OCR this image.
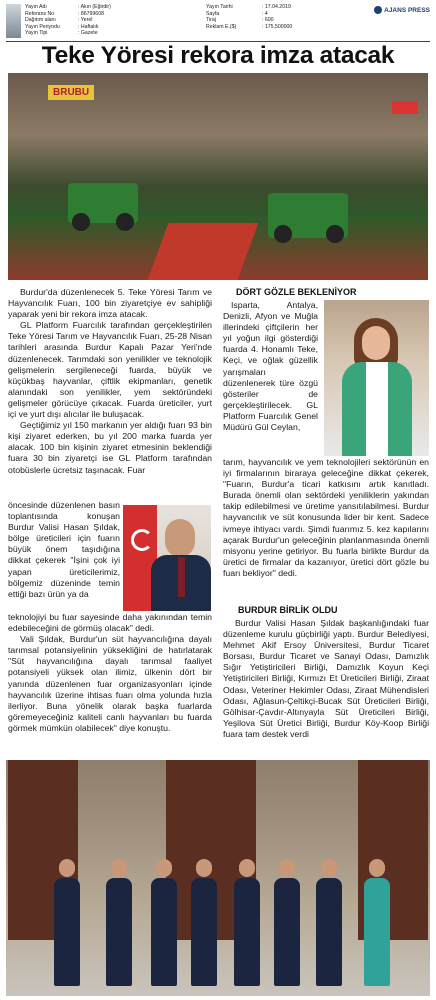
Yayın Adı
Referans No
Dağıtım alanı
Yayın Periyodu
Yayın Tipi
: Akın (Eğirdir)
: 86799608
: Yerel
: Haftalık
: Gazete
Yayın Tarihi
Sayfa
Tiraj
Reklam E.($)
: 17.04.2019
: 4
: 600
: 175,500000
AJANS PRESS
Teke Yöresi rekora imza atacak
BRUBU

Burdur'da düzenlenecek 5. Teke Yöresi Tarım ve Hayvancılık Fuarı, 100 bin ziyaretçiye ev sahipliği yaparak yeni bir rekora imza atacak.

GL Platform Fuarcılık tarafından gerçekleştirilen Teke Yöresi Tarım ve Hayvancılık Fuarı, 25-28 Nisan tarihleri arasında Burdur Kapalı Pazar Yeri'nde düzenlenecek. Tarımdaki son yenilikler ve teknolojik gelişmelerin sergileneceği fuarda, büyük ve küçükbaş hayvanlar, çiftlik ekipmanları, genetik alanındaki son yenilikler, yem sektöründeki gelişmeler görücüye çıkacak. Fuarda üreticiler, yurt içi ve yurt dışı alıcılar ile buluşacak.

Geçtiğimiz yıl 150 markanın yer aldığı fuarı 93 bin kişi ziyaret ederken, bu yıl 200 marka fuarda yer alacak. 100 bin kişinin ziyaret etmesinin beklendiği fuara 30 bin ziyaretçi ise GL Platform tarafından otobüslerle ücretsiz taşınacak. Fuar

öncesinde düzenlenen basın toplantısında konuşan Burdur Valisi Hasan Şıldak, bölge üreticileri için fuarın büyük önem taşıdığına dikkat çekerek "İşini çok iyi yapan üreticilerimiz, bölgemiz düzeninde temin ettiği bazı ürün ya da

teknolojiyi bu fuar sayesinde daha yakınından temin edebileceğini de görmüş olacak" dedi.

Vali Şıldak, Burdur'un süt hayvancılığına dayalı tarımsal potansiyelinin yüksekliğini de hatırlatarak "Süt hayvancılığına dayalı tarımsal faaliyet potansiyeli yüksek olan ilimiz, ülkenin dört bir yanında düzenlenen fuar organizasyonları içinde hayvancılık üzerine ihtisas fuarı olma yolunda hızla ilerliyor. Buna yönelik olarak başka fuarlarda göremeyeceğiniz kaliteli canlı hayvanları bu fuarda görmek mümkün olabilecek" diye konuştu.

DÖRT GÖZLE BEKLENİYOR

Isparta, Antalya, Denizli, Afyon ve Muğla illerindeki çiftçilerin her yıl yoğun ilgi gösterdiği fuarda 4. Honamlı Teke, Keçi, ve oğlak güzellik yarışmaları düzenlenerek türe özgü gösteriler de gerçekleştirilecek. GL Platform Fuarcılık Genel Müdürü Gül Ceylan,

tarım, hayvancılık ve yem teknolojileri sektörünün en iyi firmalarının biraraya geleceğine dikkat çekerek, "Fuarın, Burdur'a ticari katkısını artık kanıtladı. Burada önemli olan sektördeki yeniliklerin yakından takip edilebilmesi ve üretime yansıtılabilmesi. Burdur hayvancılık ve süt konusunda lider bir kent. Sadece ivmeye ihtiyacı vardı. Şimdi fuarımız 5. kez kapılarını açarak Burdur'un geleceğinin planlanmasında önemli misyonu yerine getiriyor. Bu fuarla birlikte Burdur da üretici de firmalar da kazanıyor, üretici dört gözle bu fuarı bekliyor" dedi.

BURDUR BİRLİK OLDU

Burdur Valisi Hasan Şıldak başkanlığındaki fuar düzenleme kurulu güçbirliği yaptı. Burdur Belediyesi, Mehmet Akif Ersoy Üniversitesi, Burdur Ticaret Borsası, Burdur Ticaret ve Sanayi Odası, Damızlık Sığır Yetiştiricileri Birliği, Damızlık Koyun Keçi Yetiştiricileri Birliği, Kırmızı Et Üreticileri Birliği, Ziraat Odası, Veteriner Hekimler Odası, Ziraat Mühendisleri Odası, Ağlasun-Çeltikçi-Bucak Süt Üreticileri Birliği, Gölhisar-Çavdır-Altınyayla Süt Üreticileri Birliği, Yeşilova Süt Üretici Birliği, Burdur Köy-Koop Birliği fuara tam destek verdi
